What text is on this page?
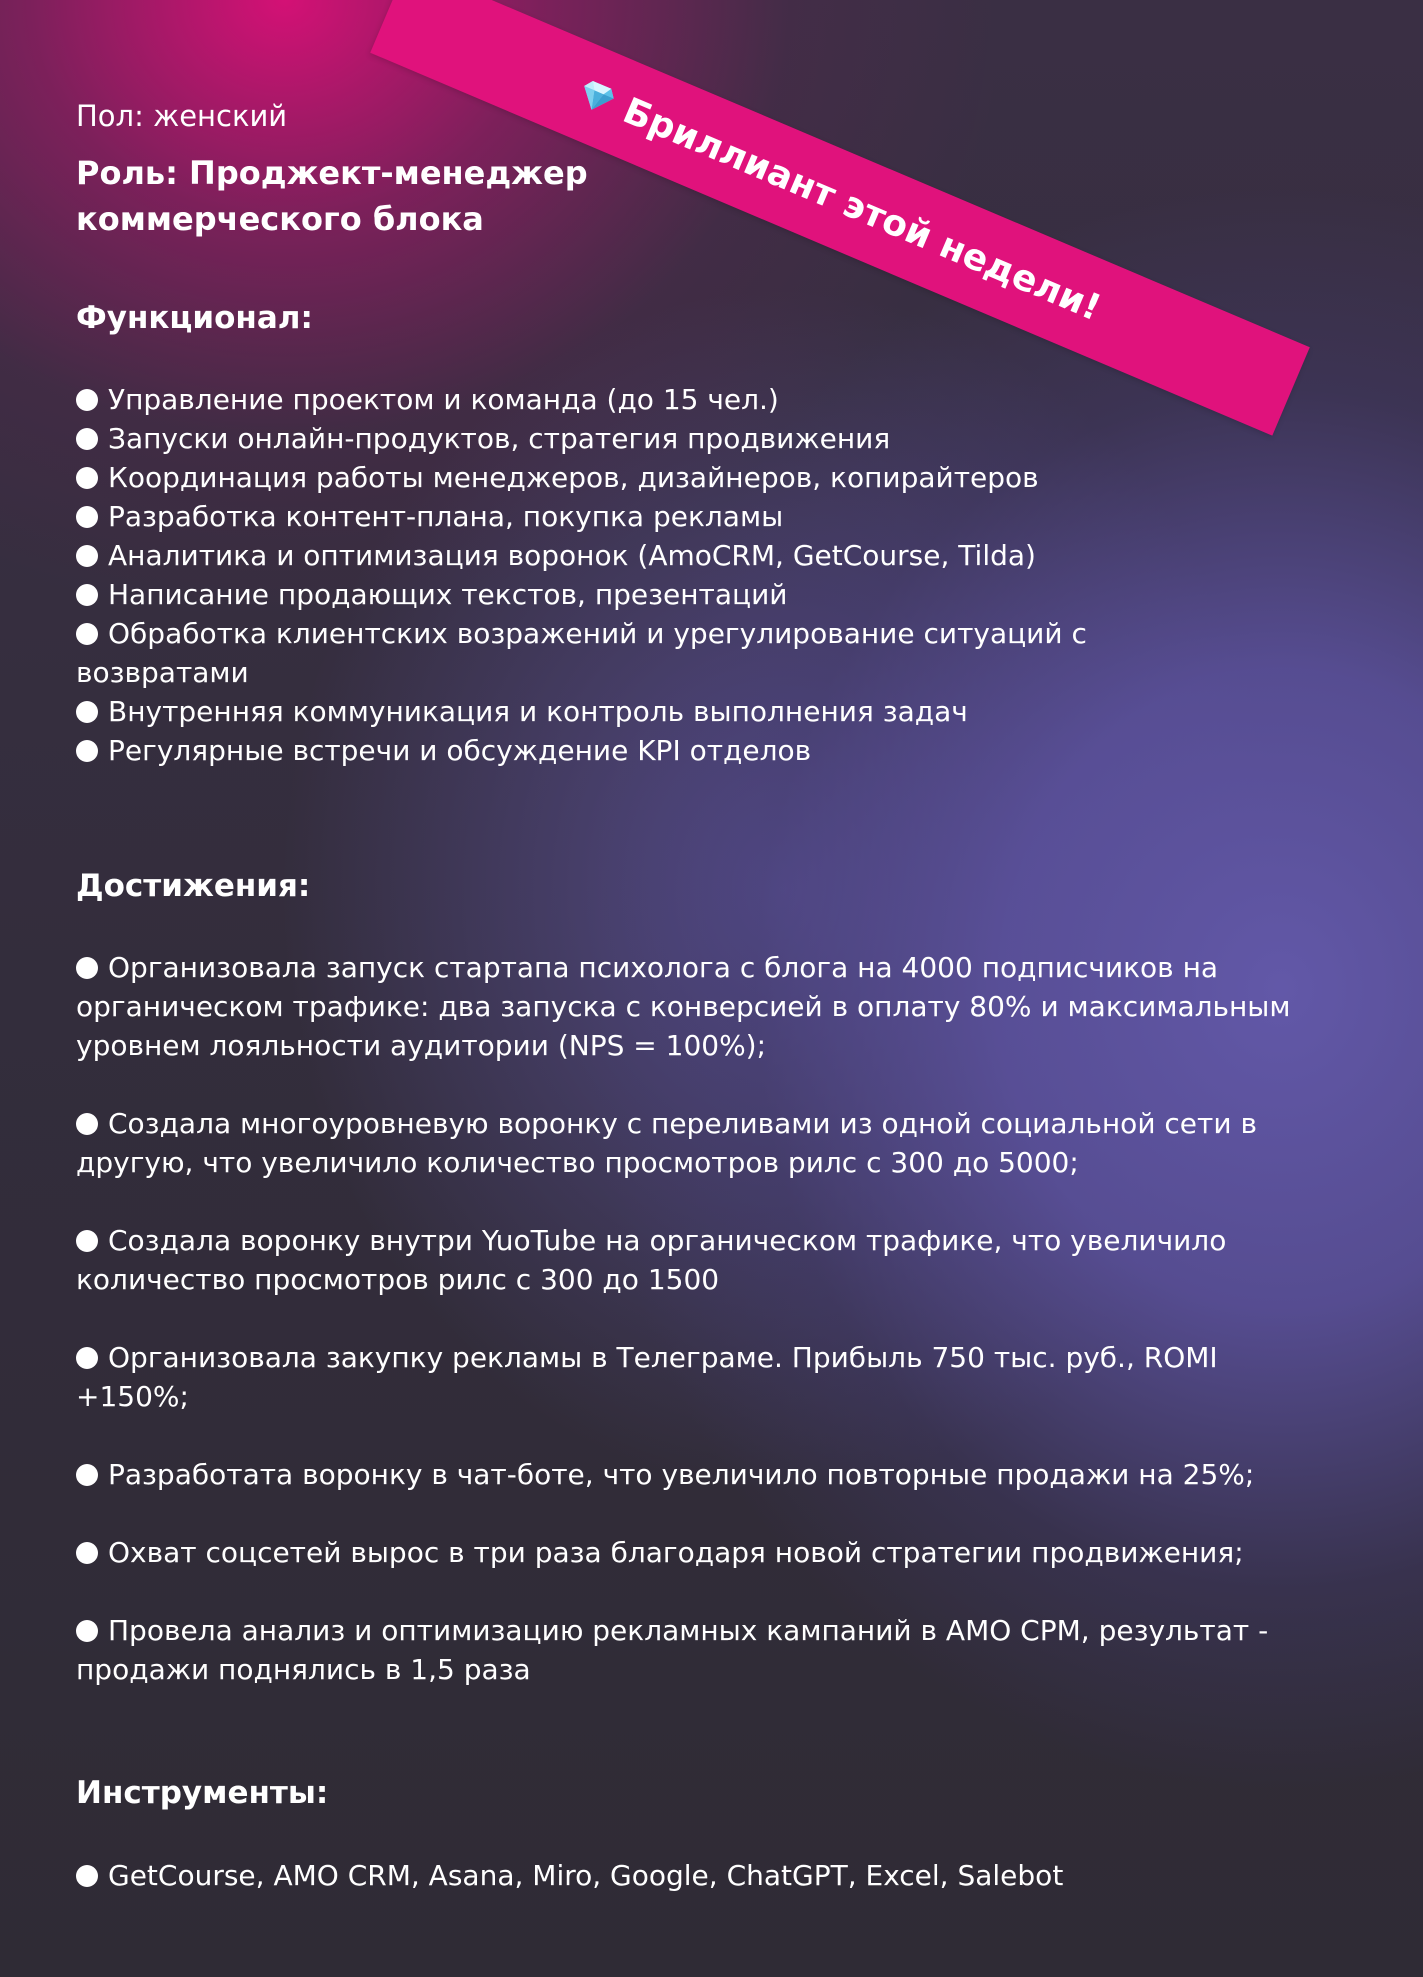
Бриллиант этой недели!

Пол: женский

Роль: Проджект-менеджер коммерческого блока

Функционал:
Управление проектом и команда (до 15 чел.)
Запуски онлайн-продуктов, стратегия продвижения
Координация работы менеджеров, дизайнеров, копирайтеров
Разработка контент-плана, покупка рекламы
Аналитика и оптимизация воронок (AmoCRM, GetCourse, Tilda)
Написание продающих текстов, презентаций
Обработка клиентских возражений и урегулирование ситуаций с возвратами
Внутренняя коммуникация и контроль выполнения задач
Регулярные встречи и обсуждение KPI отделов
Достижения:
Организовала запуск стартапа психолога с блога на 4000 подписчиков на органическом трафике: два запуска с конверсией в оплату 80% и максимальным уровнем лояльности аудитории (NPS = 100%);
Создала многоуровневую воронку с переливами из одной социальной сети в другую, что увеличило количество просмотров рилс с 300 до 5000;
Создала воронку внутри YuoTube на органическом трафике, что увеличило количество просмотров рилс с 300 до 1500
Организовала закупку рекламы в Телеграме. Прибыль 750 тыс. руб., ROMI +150%;
Разработата воронку в чат-боте, что увеличило повторные продажи на 25%;
Охват соцсетей вырос в три раза благодаря новой стратегии продвижения;
Провела анализ и оптимизацию рекламных кампаний в АМО СРМ, результат - продажи поднялись в 1,5 раза
Инструменты:
GetCourse, AMO CRM, Asana, Miro, Google, ChatGPT, Excel, Salebot
